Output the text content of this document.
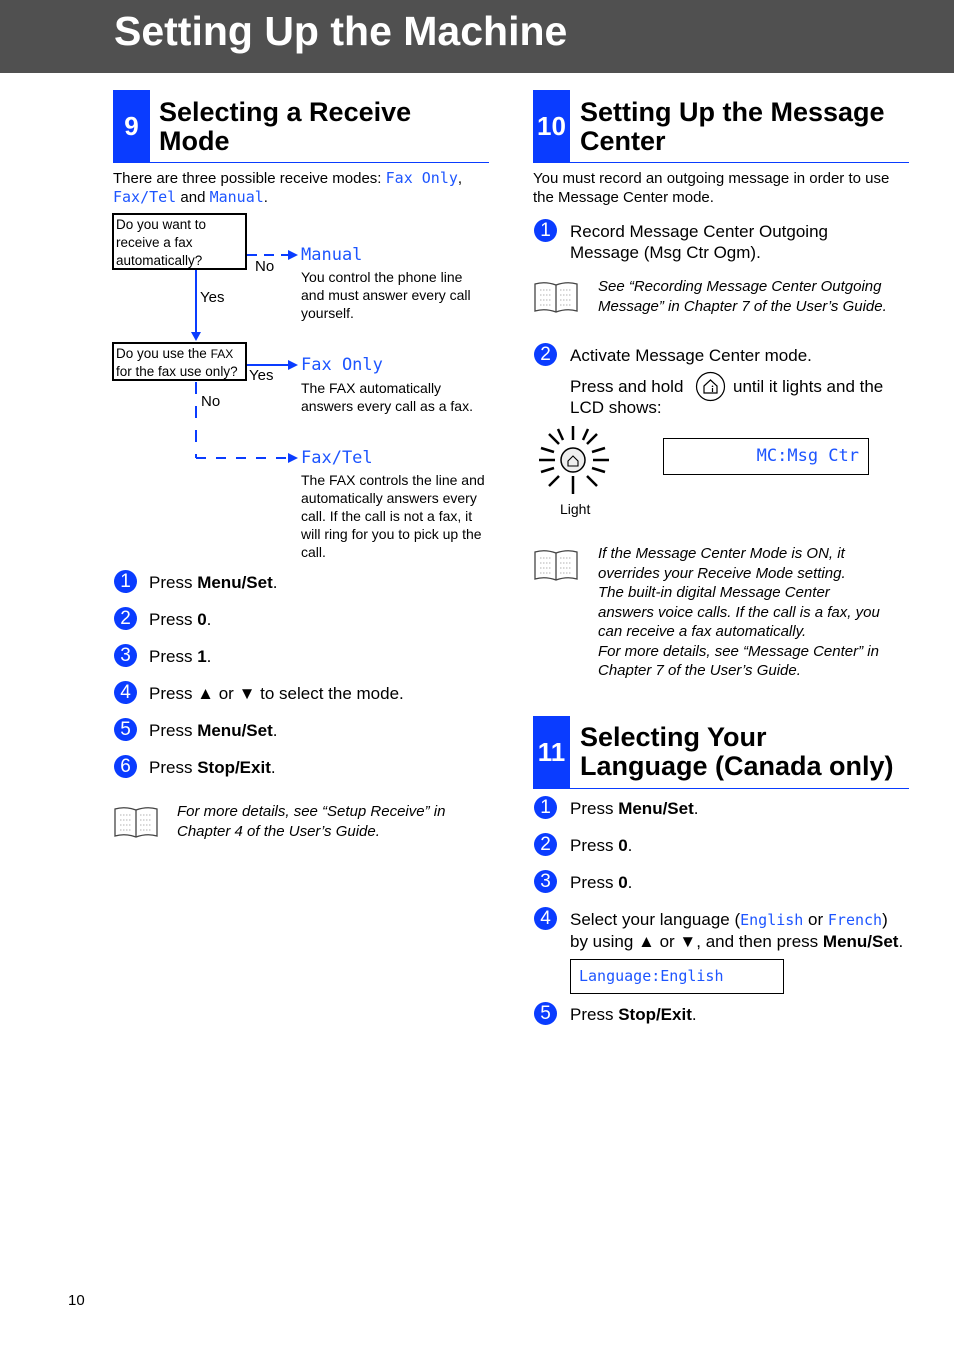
Setting Up the Machine
9 Selecting a Receive
Mode
There are three possible receive modes: Fax Only,
Fax/Tel and Manual.
Do you want to receive a fax automatically?
Do you use the FAX for the fax use only?
No
Yes
Yes
No
Manual
You control the phone line and must answer every call yourself.
Fax Only
The FAX automatically answers every call as a fax.
Fax/Tel
The FAX controls the line and automatically answers every call. If the call is not a fax, it will ring for you to pick up the call.
1	Press Menu/Set.
2	Press 0.
3	Press 1.
4	Press ▲ or ▼ to select the mode.
5	Press Menu/Set.
6	Press Stop/Exit.
For more details, see “Setup Receive” in
Chapter 4 of the User’s Guide.
10 Setting Up the Message
Center
You must record an outgoing message in order to use
the Message Center mode.
1	Record Message Center Outgoing
Message (Msg Ctr Ogm).
See “Recording Message Center Outgoing
Message” in Chapter 7 of the User’s Guide.
2	Activate Message Center mode.
Press and hold	until it lights and the
LCD shows:
Light
MC:Msg Ctr
If the Message Center Mode is ON, it
overrides your Receive Mode setting.
The built-in digital Message Center
answers voice calls. If the call is a fax, you
can receive a fax automatically.
For more details, see “Message Center” in
Chapter 7 of the User’s Guide.
11 Selecting Your
Language (Canada only)
1	Press Menu/Set.
2	Press 0.
3	Press 0.
4	Select your language (English or French)
by using ▲ or ▼, and then press Menu/Set.
Language:English
5	Press Stop/Exit.
10
